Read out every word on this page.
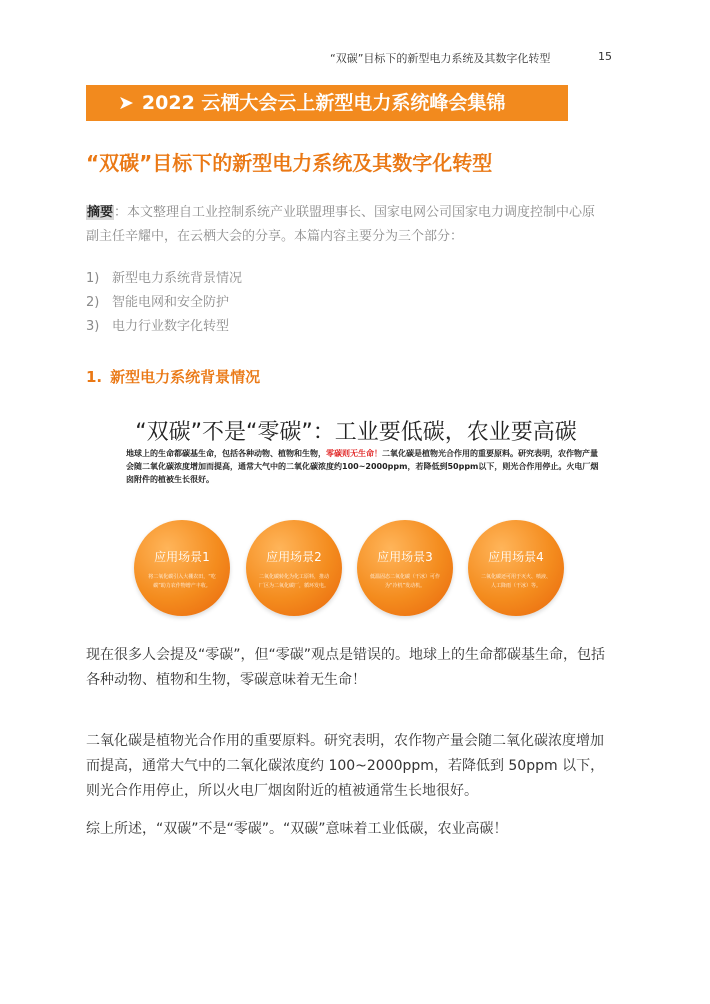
“双碳”目标下的新型电力系统及其数字化转型	15
➤ 2022 云栖大会云上新型电力系统峰会集锦
“双碳”目标下的新型电力系统及其数字化转型
摘要：本文整理自工业控制系统产业联盟理事长、国家电网公司国家电力调度控制中心原副主任辛耀中，在云栖大会的分享。本篇内容主要分为三个部分：
1) 新型电力系统背景情况
2) 智能电网和安全防护
3) 电力行业数字化转型
1. 新型电力系统背景情况
“双碳”不是“零碳”：工业要低碳，农业要高碳
地球上的生命都碳基生命，包括各种动物、植物和生物，零碳则无生命！二氧化碳是植物光合作用的重要原料。研究表明，农作物产量会随二氧化碳浓度增加而提高，通常大气中的二氧化碳浓度约100~2000ppm，若降低到50ppm以下，则光合作用停止。火电厂烟囱附件的植被生长很好。
应用场景1
将二氧化碳引入大棚农田，“吃碳”助力农作物增产丰收。
应用场景2
二氧化碳转化为化工原料，推动厂区为二氧化碳厂，循环发电。
应用场景3
低温固态二氧化碳（干冰）可作为“冷机”发动机。
应用场景4
二氧化碳还可用于灭火、喷液、人工降雨（干冰）等。

现在很多人会提及“零碳”，但“零碳”观点是错误的。地球上的生命都碳基生命，包括各种动物、植物和生物，零碳意味着无生命！

二氧化碳是植物光合作用的重要原料。研究表明，农作物产量会随二氧化碳浓度增加而提高，通常大气中的二氧化碳浓度约 100~2000ppm，若降低到 50ppm 以下，则光合作用停止，所以火电厂烟囱附近的植被通常生长地很好。

综上所述，“双碳”不是“零碳”。“双碳”意味着工业低碳，农业高碳！
